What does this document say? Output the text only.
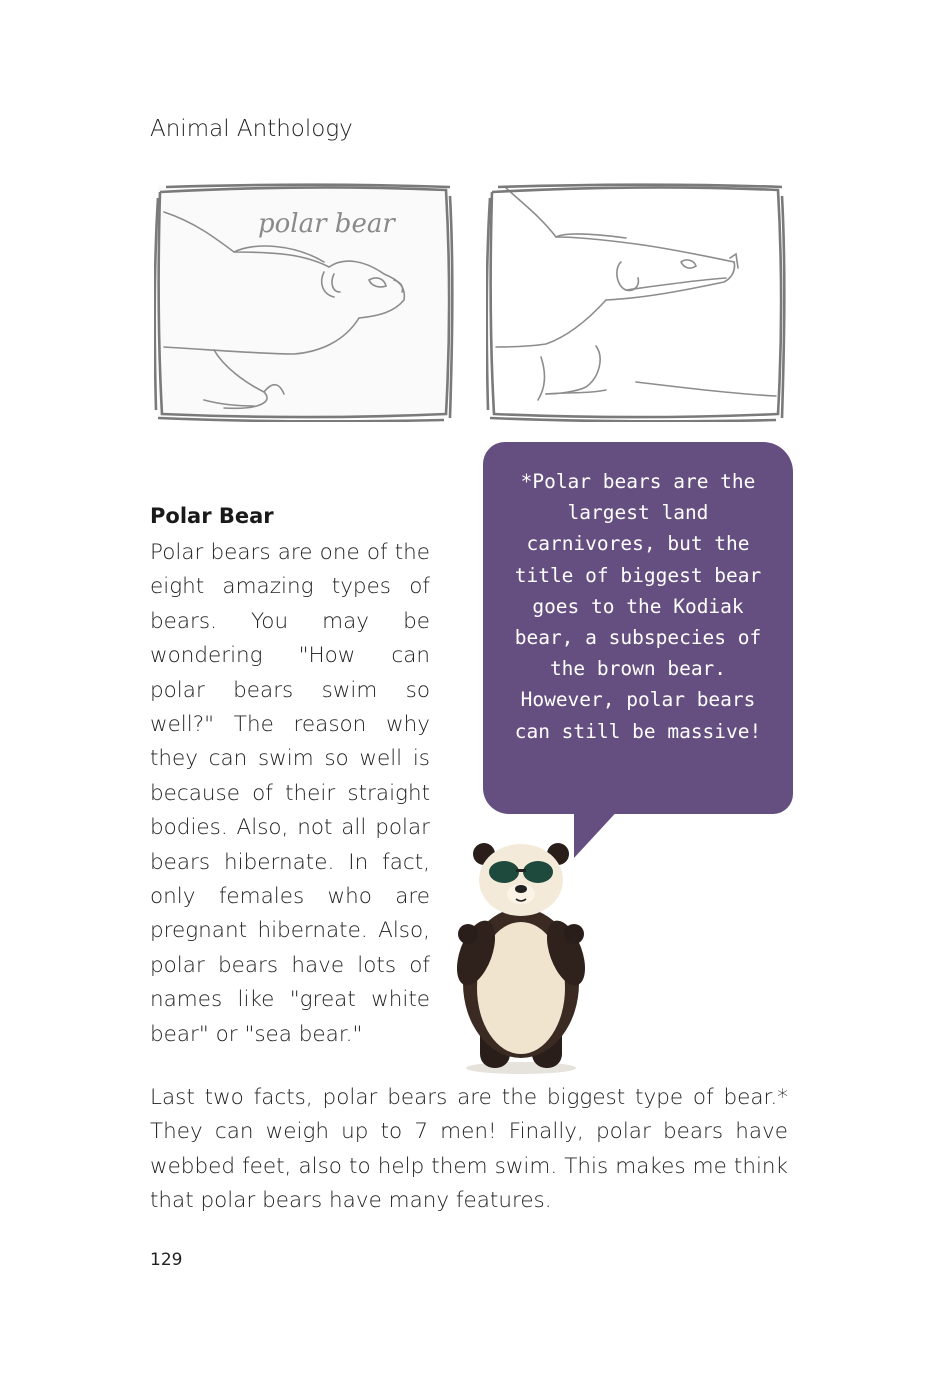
Animal Anthology
polar bear
Polar Bear
Polar bears are one of the eight amazing types of bears. You may be wondering "How can polar bears swim so well?" The reason why they can swim so well is because of their straight bodies. Also, not all polar bears hibernate. In fact, only females who are pregnant hibernate. Also, polar bears have lots of names like "great white bear" or "sea bear."
*Polar bears are the largest land carnivores, but the title of biggest bear goes to the Kodiak bear, a subspecies of the brown bear. However, polar bears can still be massive!
Last two facts, polar bears are the biggest type of bear.* They can weigh up to 7 men! Finally, polar bears have webbed feet, also to help them swim. This makes me think that polar bears have many features.
129
